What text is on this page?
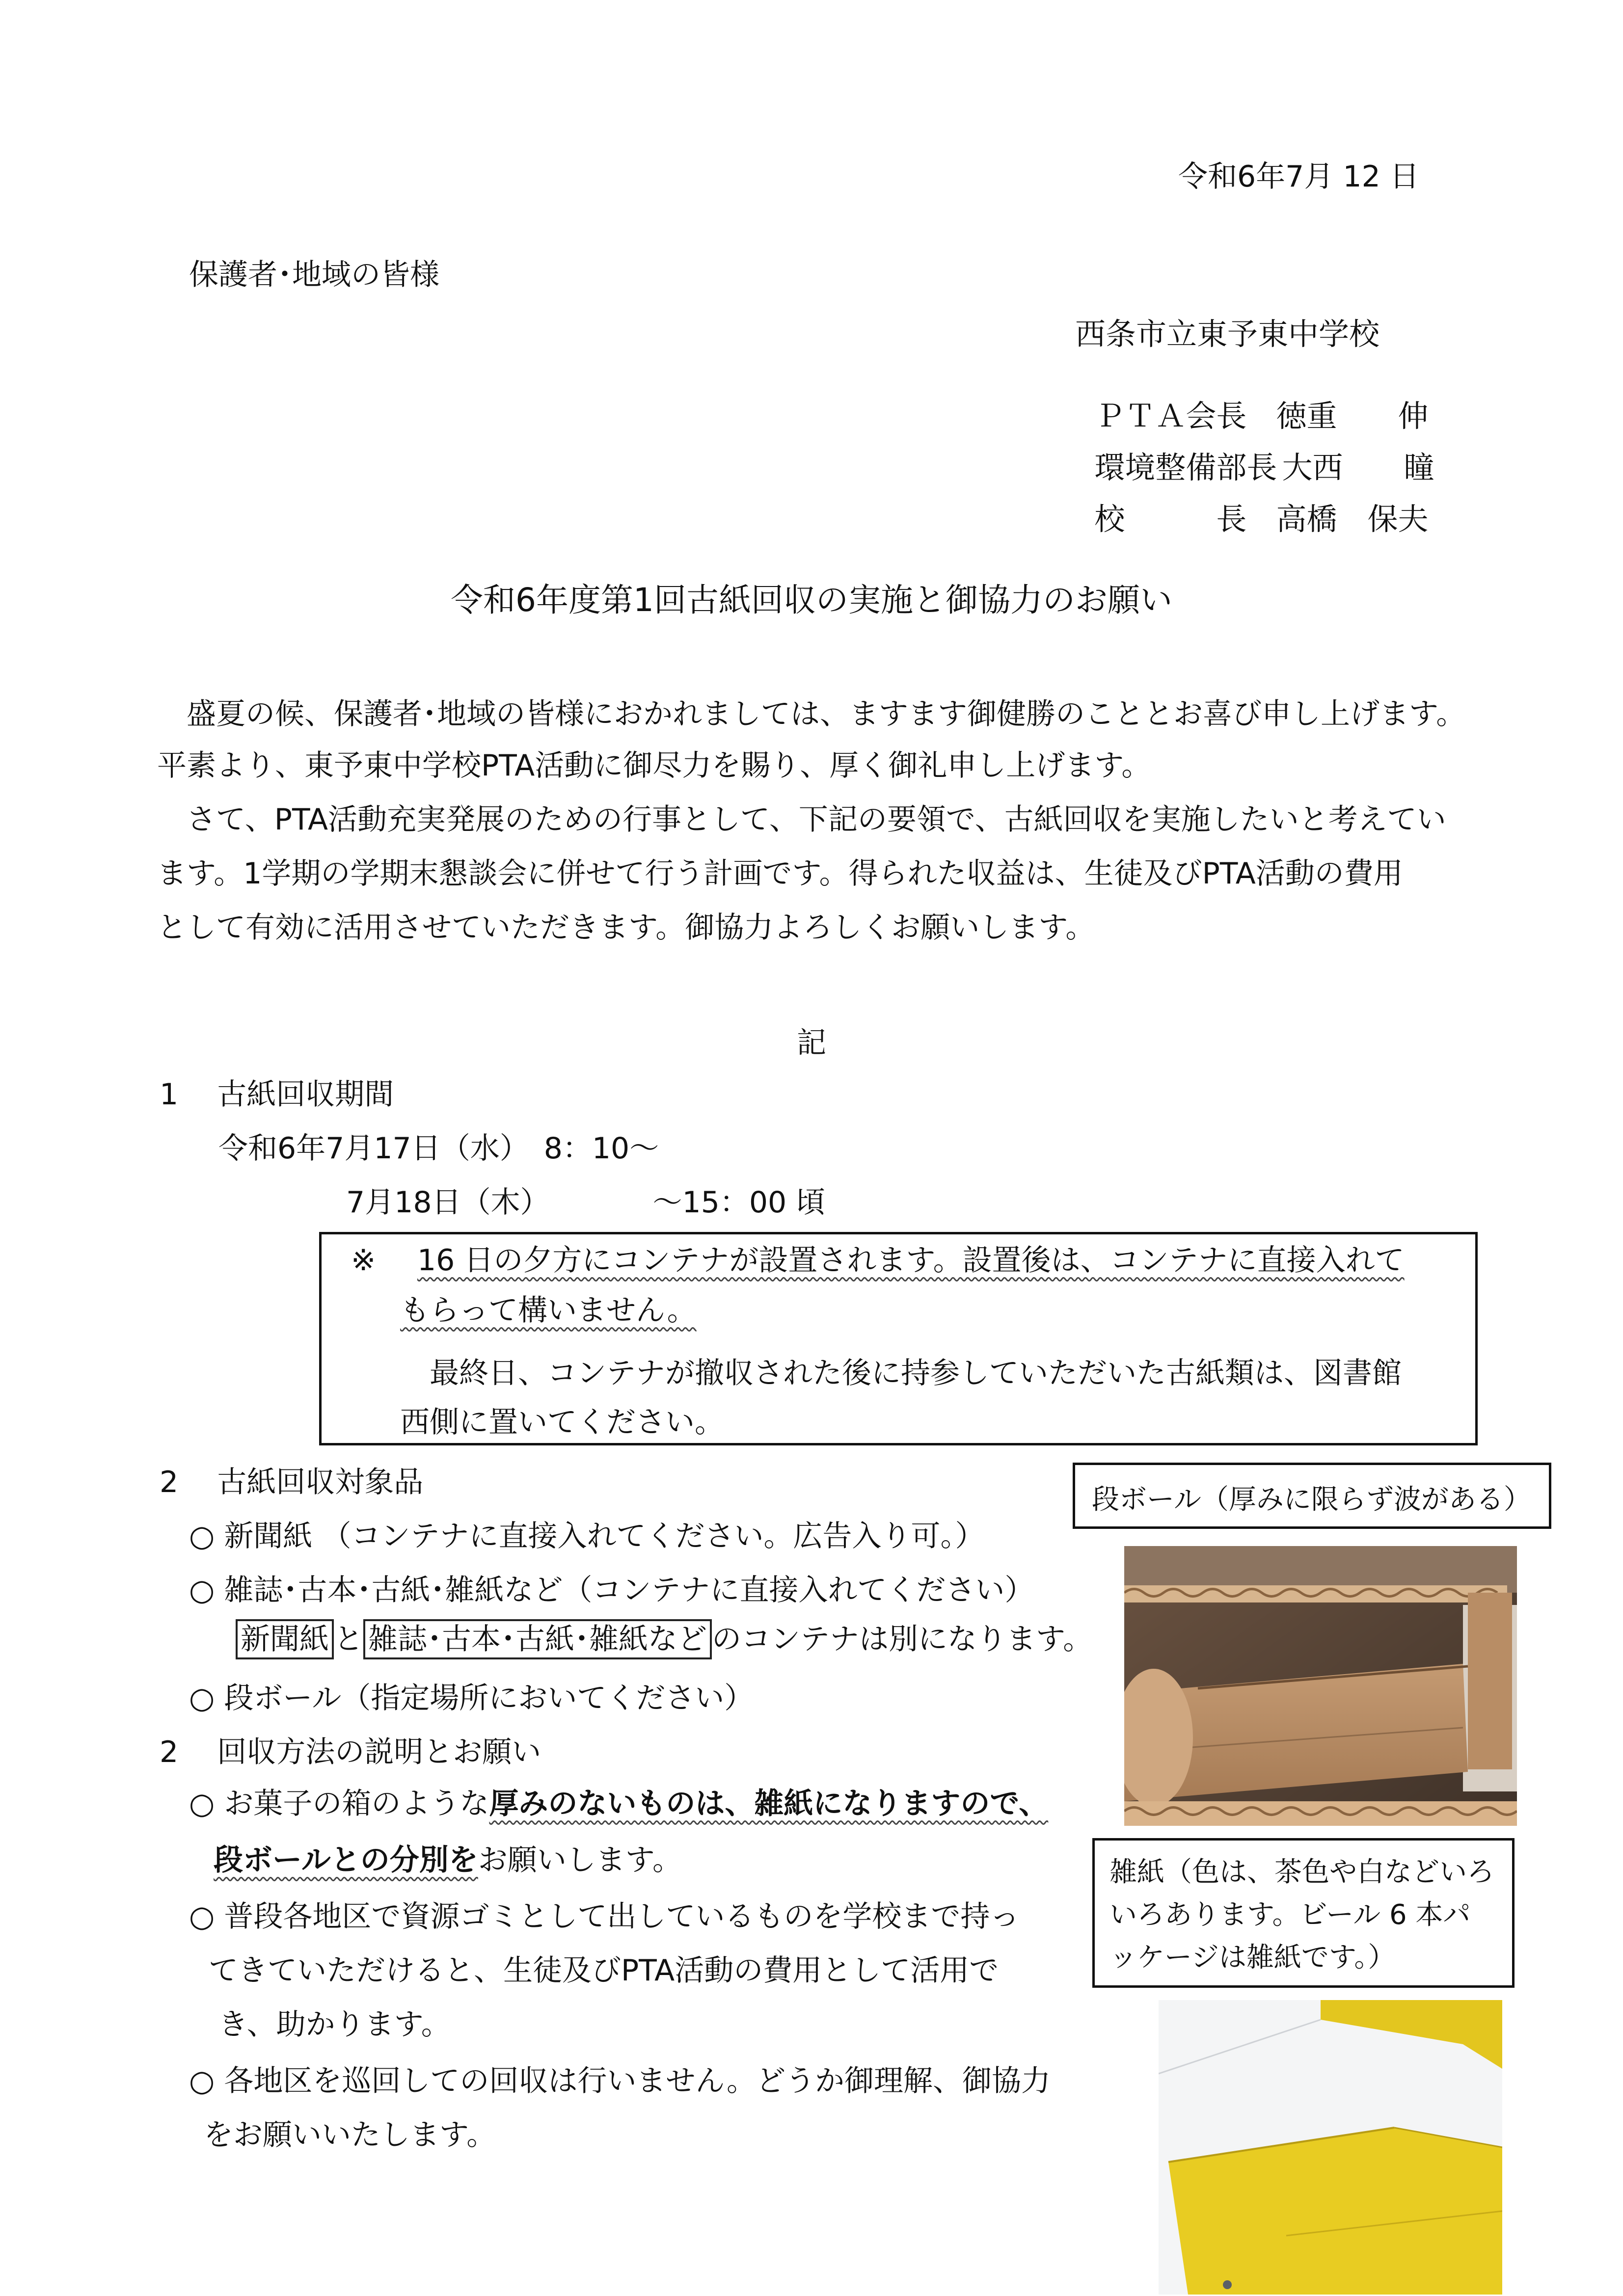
令和6年7月 12 日
保護者･地域の皆様
西条市立東予東中学校

ＰＴＡ会長 徳重　　伸

環境整備部長 大西　　瞳

校　　　長 高橋　保夫

令和6年度第1回古紙回収の実施と御協力のお願い
　盛夏の候、保護者･地域の皆様におかれましては、ますます御健勝のこととお喜び申し上げます。
平素より、東予東中学校PTA活動に御尽力を賜り、厚く御礼申し上げます。
　さて、PTA活動充実発展のための行事として、下記の要領で、古紙回収を実施したいと考えてい
ます。1学期の学期末懇談会に併せて行う計画です。得られた収益は、生徒及びPTA活動の費用
として有効に活用させていただきます。御協力よろしくお願いします。
記
1　 古紙回収期間
令和6年7月17日（水）　8：10～
7月18日（木）　　　　～15：00 頃
※ 16 日の夕方にコンテナが設置されます。設置後は、コンテナに直接入れて
もらって構いません。
　最終日、コンテナが撤収された後に持参していただいた古紙類は、図書館
西側に置いてください。
2　 古紙回収対象品
○ 新聞紙 （コンテナに直接入れてください。広告入り可。）
○ 雑誌･古本･古紙･雑紙など（コンテナに直接入れてください）
新聞紙 と 雑誌･古本･古紙･雑紙など のコンテナは別になります。
○ 段ボール（指定場所においてください）
2　 回収方法の説明とお願い
○ お菓子の箱のような厚みのないものは、雑紙になりますので、
段ボールとの分別をお願いします。
○ 普段各地区で資源ゴミとして出しているものを学校まで持っ
てきていただけると、生徒及びPTA活動の費用として活用で
き、助かります。
○ 各地区を巡回しての回収は行いません。どうか御理解、御協力
をお願いいたします。
段ボール（厚みに限らず波がある）
雑紙（色は、茶色や白などいろいろあります。ビール 6 本パッケージは雑紙です。）
